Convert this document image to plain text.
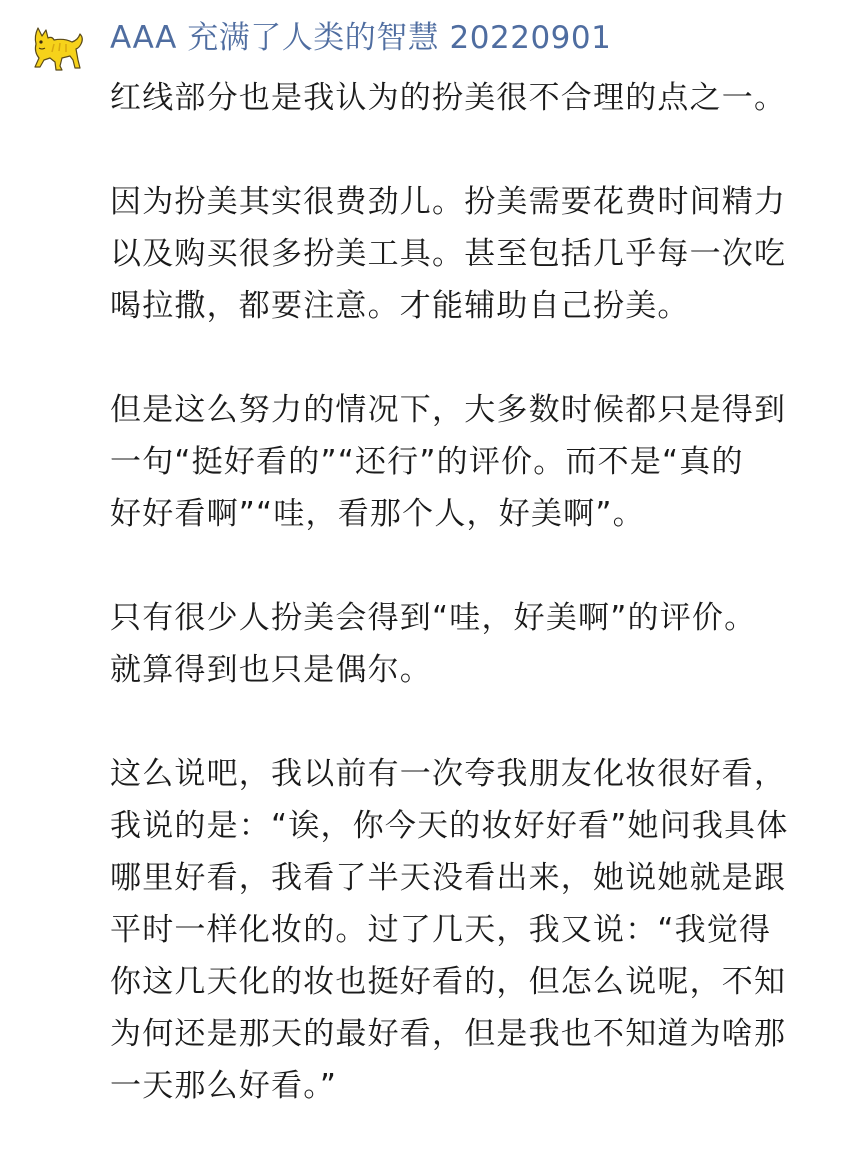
AAA 充满了人类的智慧 20220901

红线部分也是我认为的扮美很不合理的点之一。

因为扮美其实很费劲儿。扮美需要花费时间精力
以及购买很多扮美工具。甚至包括几乎每一次吃
喝拉撒，都要注意。才能辅助自己扮美。

但是这么努力的情况下，大多数时候都只是得到
一句“挺好看的”“还行”的评价。而不是“真的
好好看啊”“哇，看那个人，好美啊”。

只有很少人扮美会得到“哇，好美啊”的评价。
就算得到也只是偶尔。

这么说吧，我以前有一次夸我朋友化妆很好看，
我说的是：“诶，你今天的妆好好看”她问我具体
哪里好看，我看了半天没看出来，她说她就是跟
平时一样化妆的。过了几天，我又说：“我觉得
你这几天化的妆也挺好看的，但怎么说呢，不知
为何还是那天的最好看，但是我也不知道为啥那
一天那么好看。”
